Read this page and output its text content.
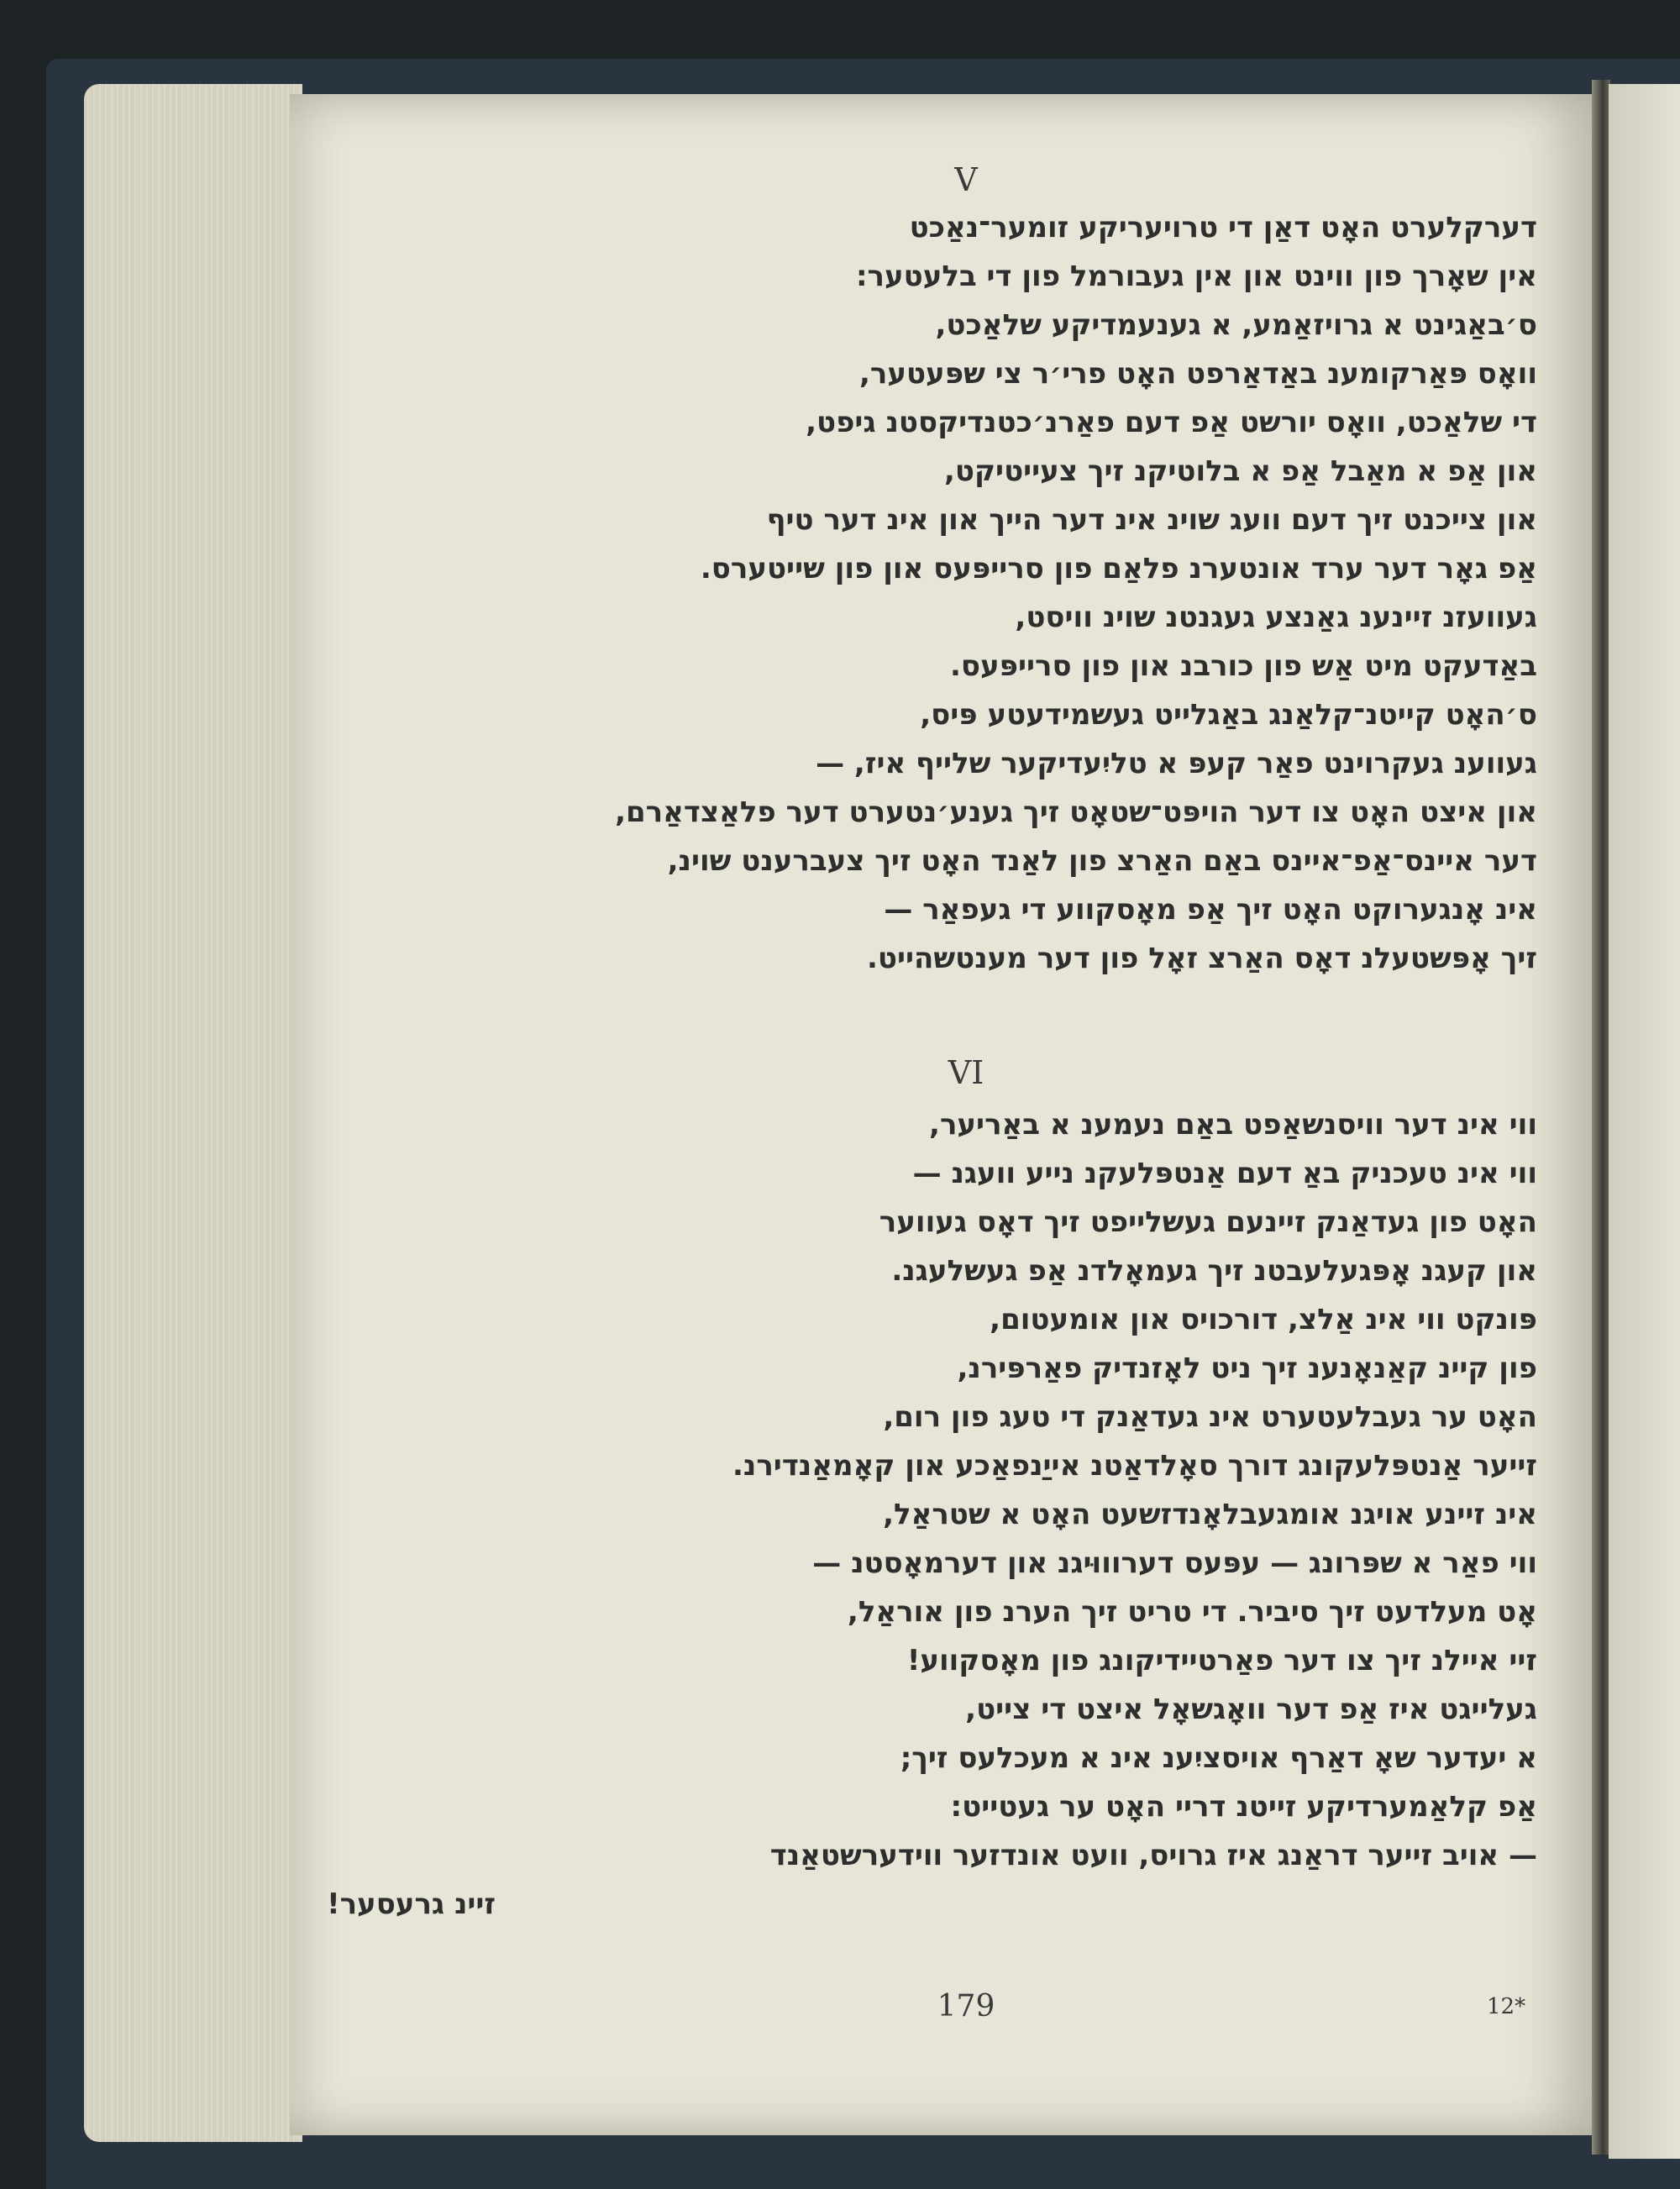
V
דערקלערט האָט דאַן די טרויעריקע זומער־נאַכט
אין שאָרך פון ווינט און אין געבורמל פון די בלעטער:
ס׳באַגינט א גרויזאַמע, א גענעמדיקע שלאַכט,
וואָס פּאַרקומענ באַדאַרפט האָט פרי׳ר צי שפּעטער,
די שלאַכט, וואָס יורשט אַפ דעם פאַרנ׳כטנדיקסטנ גיפט,
און אַפ א מאַבל אַפ א בלוטיקנ זיך צעייטיקט,
און צייכנט זיך דעם וועג שוינ אינ דער הייך און אינ דער טיף
אַפ גאָר דער ערד אונטערנ פלאַם פון סרייפּעס און פון שייטערס.
געוועזנ זיינענ גאַנצע געגנטנ שוינ וויסט,
באַדעקט מיט אַש פון כורבנ און פון סרייפּעס.
ס׳האָט קייטנ־קלאַנג באַגלייט געשמידעטע פּיס,
געווענ געקרוינט פאַר קעפּ א טליִעדיקער שלייף איז, —
און איצט האָט צו דער הויפּט־שטאָט זיך גענע׳נטערט דער פלאַצדאַרם,
דער איינס־אַפ־איינס באַם האַרצ פון לאַנד האָט זיך צעברענט שוינ,
אינ אָנגערוקט האָט זיך אַפ מאָסקווע די געפאַר —
זיך אָפּשטעלנ דאָס האַרצ זאָל פון דער מענטשהייט.
VI
ווי אינ דער וויסנשאַפט באַם נעמענ א באַריער,
ווי אינ טעכניק באַ דעם אַנטפּלעקנ נייע וועגנ —
האָט פון געדאַנק זיינעם געשלייפט זיך דאָס געווער
און קעגנ אָפּגעלעבטנ זיך געמאָלדנ אַפ געשלעגנ.
פּונקט ווי אינ אַלצ, דורכויס און אומעטום,
פון קיינ קאַנאָנענ זיך ניט לאָזנדיק פאַרפּירנ,
האָט ער געבלעטערט אינ געדאַנק די טעג פון רום,
זייער אַנטפּלעקונג דורך סאָלדאַטנ אייַנפאַכע און קאָמאַנדירנ.
אינ זיינע אויגנ אומגעבלאָנדזשעט האָט א שטראַל,
ווי פאַר א שפּרונג — עפּעס דערוווּיגנ און דערמאָסטנ —
אָט מעלדעט זיך סיביר. די טריט זיך הערנ פון אוראַל,
זיי איילנ זיך צו דער פאַרטיידיקונג פון מאָסקווע!
געלייגט איז אַפ דער וואָגשאָל איצט די צייט,
א יעדער שאָ דאַרף אויסציִענ אינ א מעכלעס זיך;
אַפ קלאַמערדיקע זייטנ דריי האָט ער געטייט:
— אויב זייער דראַנג איז גרויס, וועט אונדזער ווידערשטאַנד
זיינ גרעסער!
179	12*
